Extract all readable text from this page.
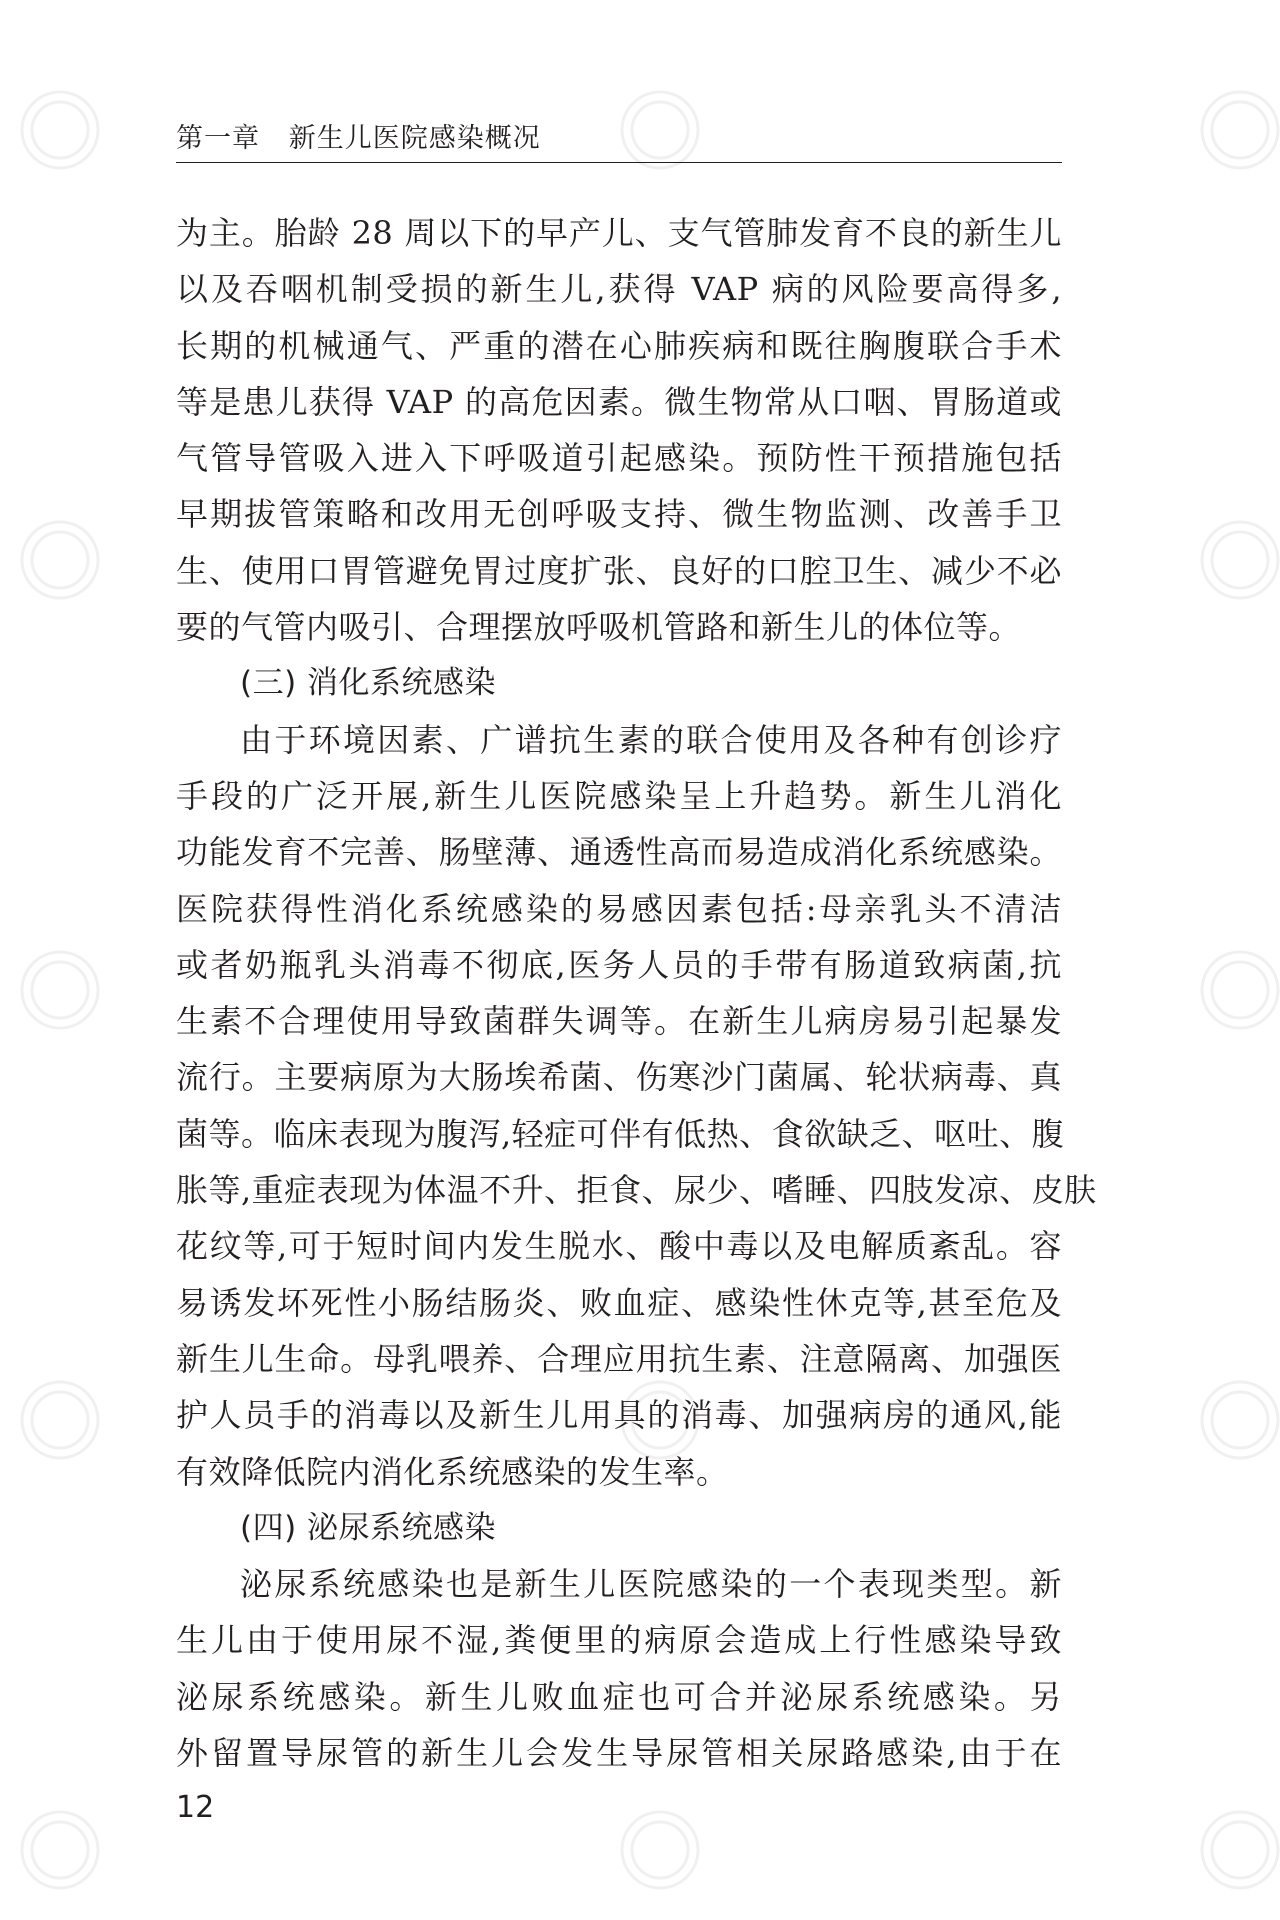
第一章 新生儿医院感染概况
为主。胎龄 28 周以下的早产儿、支气管肺发育不良的新生儿
以及吞咽机制受损的新生儿,获得 VAP 病的风险要高得多,
长期的机械通气、严重的潜在心肺疾病和既往胸腹联合手术
等是患儿获得 VAP 的高危因素。微生物常从口咽、胃肠道或
气管导管吸入进入下呼吸道引起感染。预防性干预措施包括
早期拔管策略和改用无创呼吸支持、微生物监测、改善手卫
生、使用口胃管避免胃过度扩张、良好的口腔卫生、减少不必
要的气管内吸引、合理摆放呼吸机管路和新生儿的体位等。
(三) 消化系统感染
由于环境因素、广谱抗生素的联合使用及各种有创诊疗
手段的广泛开展,新生儿医院感染呈上升趋势。新生儿消化
功能发育不完善、肠壁薄、通透性高而易造成消化系统感染。
医院获得性消化系统感染的易感因素包括:母亲乳头不清洁
或者奶瓶乳头消毒不彻底,医务人员的手带有肠道致病菌,抗
生素不合理使用导致菌群失调等。在新生儿病房易引起暴发
流行。主要病原为大肠埃希菌、伤寒沙门菌属、轮状病毒、真
菌等。临床表现为腹泻,轻症可伴有低热、食欲缺乏、呕吐、腹
胀等,重症表现为体温不升、拒食、尿少、嗜睡、四肢发凉、皮肤
花纹等,可于短时间内发生脱水、酸中毒以及电解质紊乱。容
易诱发坏死性小肠结肠炎、败血症、感染性休克等,甚至危及
新生儿生命。母乳喂养、合理应用抗生素、注意隔离、加强医
护人员手的消毒以及新生儿用具的消毒、加强病房的通风,能
有效降低院内消化系统感染的发生率。
(四) 泌尿系统感染
泌尿系统感染也是新生儿医院感染的一个表现类型。新
生儿由于使用尿不湿,粪便里的病原会造成上行性感染导致
泌尿系统感染。新生儿败血症也可合并泌尿系统感染。另
外留置导尿管的新生儿会发生导尿管相关尿路感染,由于在
12
